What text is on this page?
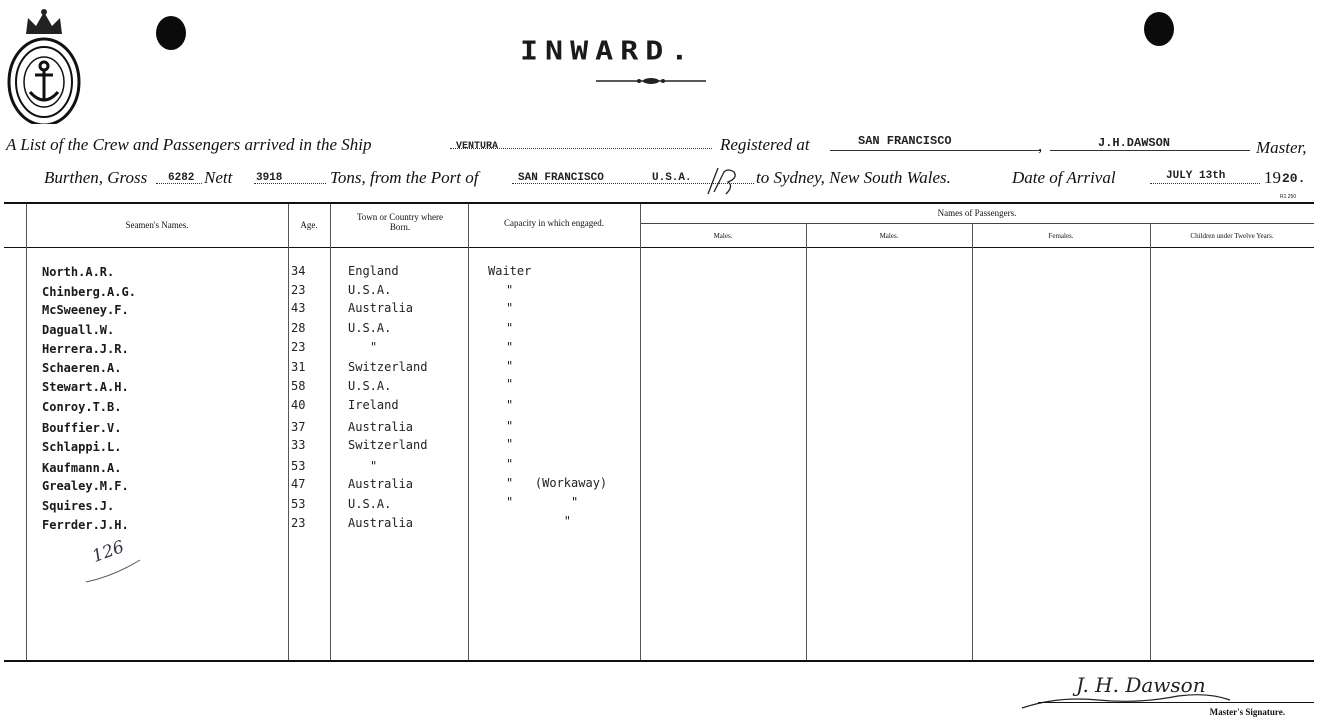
INWARD.
A List of the Crew and Passengers arrived in the Ship	VENTURA	Registered at	SAN FRANCISCO	,	J.H.DAWSON	Master,
Burthen, Gross 6282 Nett 3918	Tons, from the Port of	SAN FRANCISCO	U.S.A.	to Sydney, New South Wales.	Date of Arrival	JULY 13th 19 20.
R1 250
Seamen's Names.	Age.
Town or Country where Born.	Capacity in which engaged.
Names of Passengers.
Males.	Males.	Females.	Children under Twelve Years.
North.A.R.	34	England	Waiter
Chinberg.A.G.	23	U.S.A.	"
McSweeney.F.	43	Australia	"
Daguall.W.	28	U.S.A.	"
Herrera.J.R.	23	"	"
Schaeren.A.	31	Switzerland	"
Stewart.A.H.	58	U.S.A.	"
Conroy.T.B.	40	Ireland	"
Bouffier.V.	37	Australia	"
Schlappi.L.	33	Switzerland	"
Kaufmann.A.	53	"	"
Grealey.M.F.	47	Australia	"   (Workaway)
Squires.J.	53	U.S.A.	"        "
Ferrder.J.H.	23	Australia	"
126
J. H. Dawson
Master's Signature.
